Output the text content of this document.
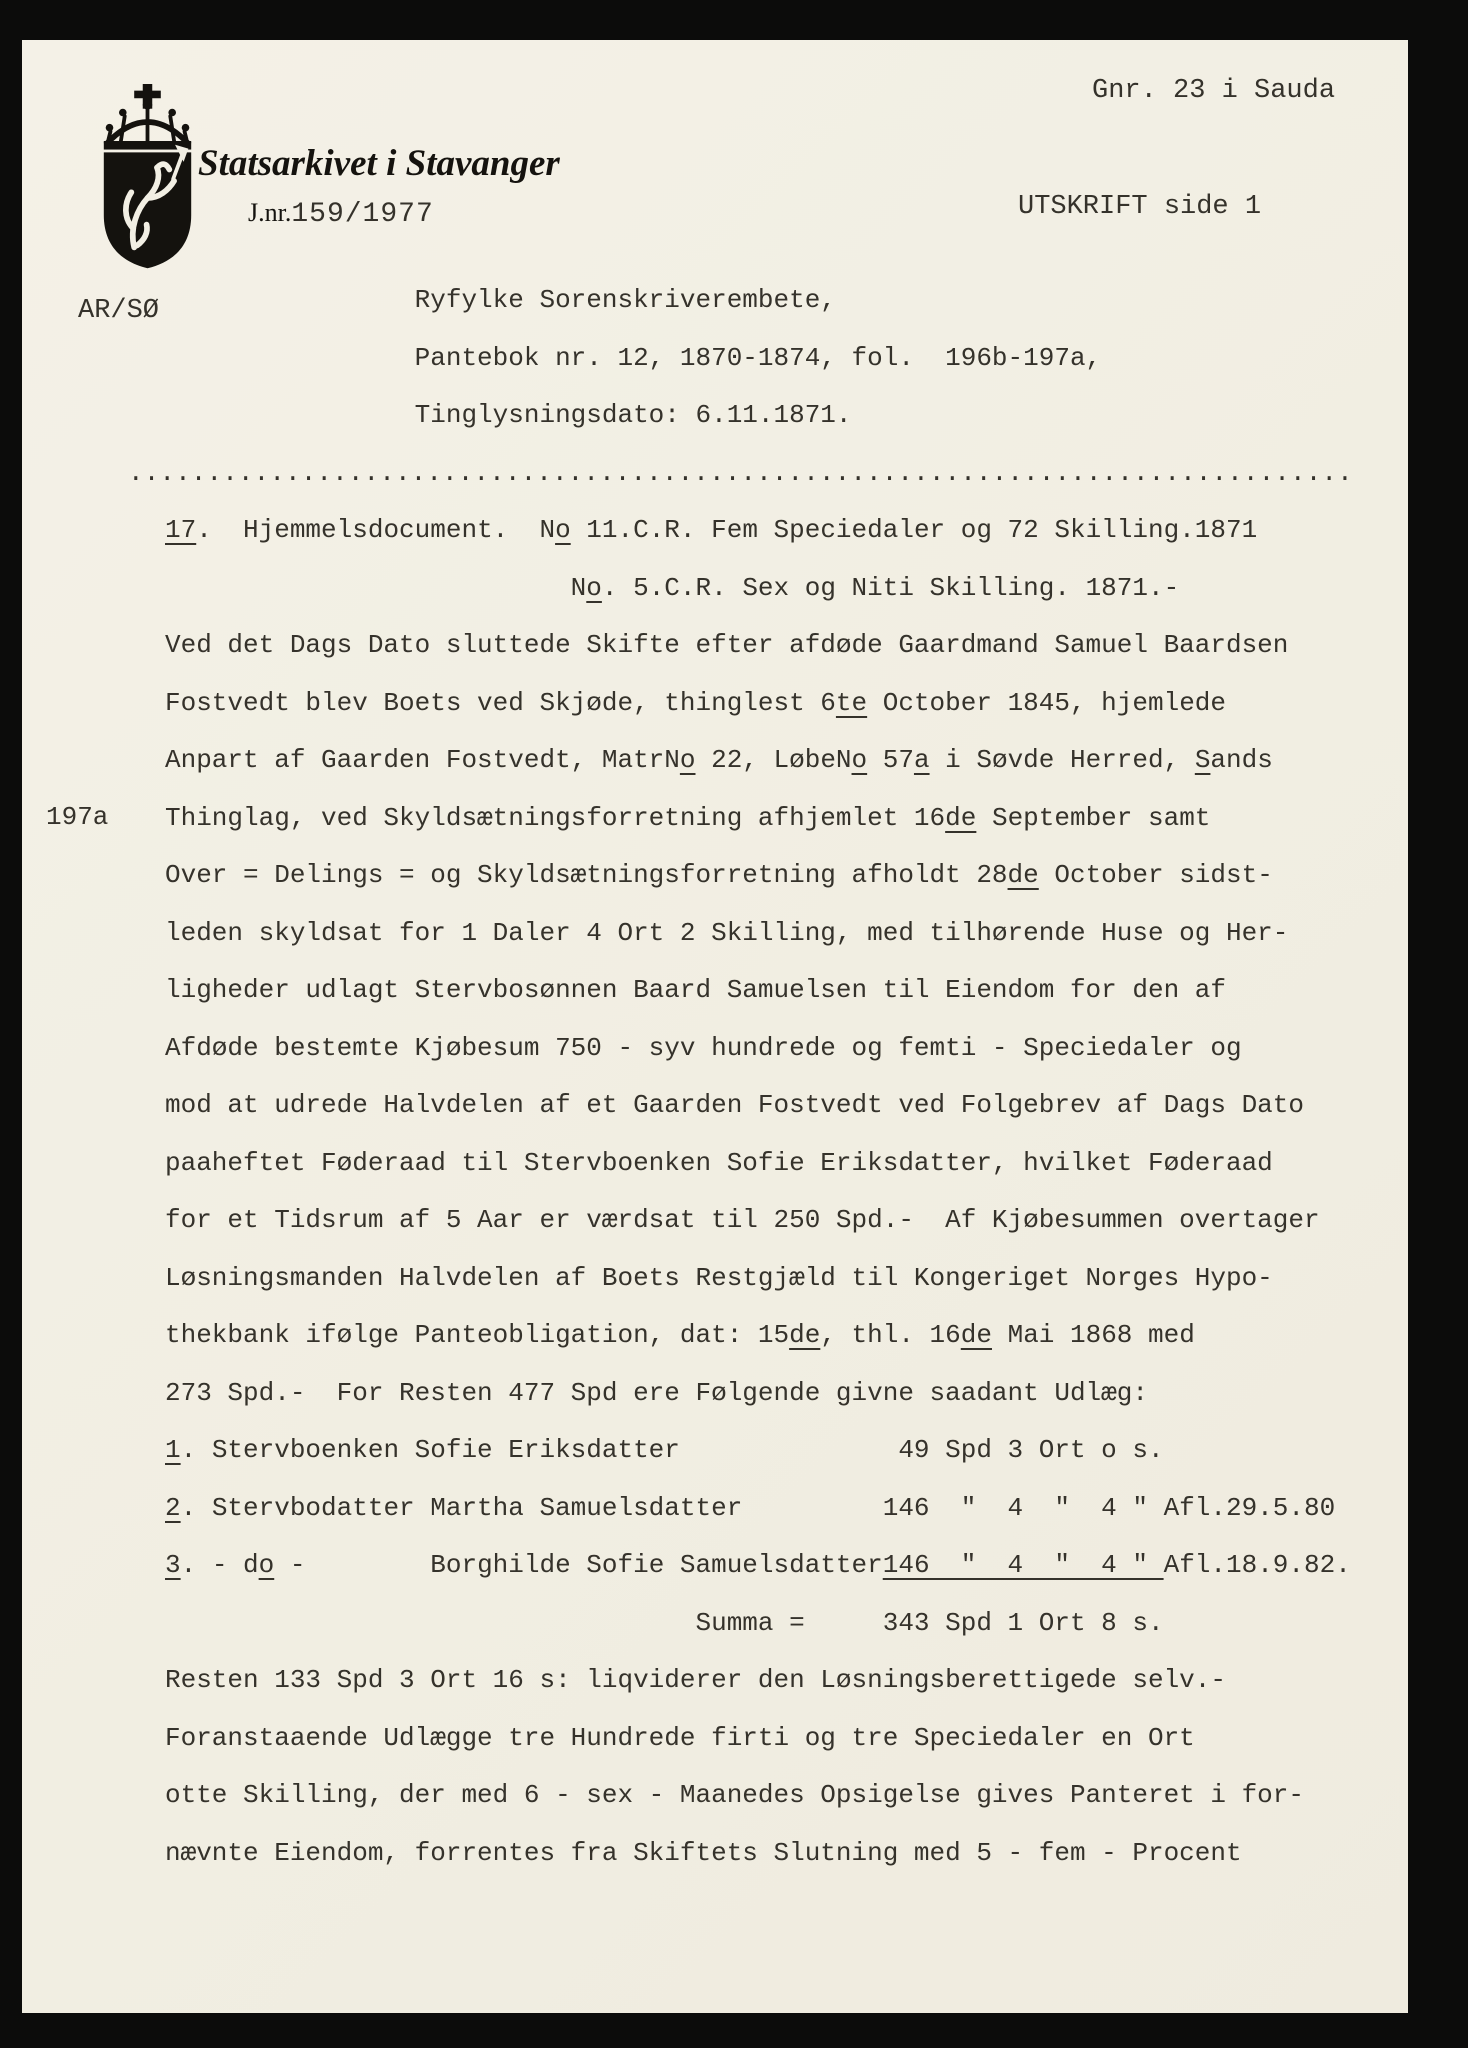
Gnr. 23 i Sauda
Statsarkivet i Stavanger
J.nr.159/1977	UTSKRIFT side 1
AR/SØ
197a
Ryfylke Sorenskriverembete,
Pantebok nr. 12, 1870-1874, fol.  196b-197a,
Tinglysningsdato: 6.11.1871.
..............................................................................
17.  Hjemmelsdocument.  No 11.C.R. Fem Speciedaler og 72 Skilling.1871
No. 5.C.R. Sex og Niti Skilling. 1871.-
Ved det Dags Dato sluttede Skifte efter afdøde Gaardmand Samuel Baardsen
Fostvedt blev Boets ved Skjøde, thinglest 6te October 1845, hjemlede
Anpart af Gaarden Fostvedt, MatrNo 22, LøbeNo 57a i Søvde Herred, Sands
Thinglag, ved Skyldsætningsforretning afhjemlet 16de September samt
Over = Delings = og Skyldsætningsforretning afholdt 28de October sidst-
leden skyldsat for 1 Daler 4 Ort 2 Skilling, med tilhørende Huse og Her-
ligheder udlagt Stervbosønnen Baard Samuelsen til Eiendom for den af
Afdøde bestemte Kjøbesum 750 - syv hundrede og femti - Speciedaler og
mod at udrede Halvdelen af et Gaarden Fostvedt ved Folgebrev af Dags Dato
paaheftet Føderaad til Stervboenken Sofie Eriksdatter, hvilket Føderaad
for et Tidsrum af 5 Aar er værdsat til 250 Spd.-  Af Kjøbesummen overtager
Løsningsmanden Halvdelen af Boets Restgjæld til Kongeriget Norges Hypo-
thekbank ifølge Panteobligation, dat: 15de, thl. 16de Mai 1868 med
273 Spd.-  For Resten 477 Spd ere Følgende givne saadant Udlæg:
1. Stervboenken Sofie Eriksdatter              49 Spd 3 Ort o s.
2. Stervbodatter Martha Samuelsdatter         146  "  4  "  4 " Afl.29.5.80
3. - do -        Borghilde Sofie Samuelsdatter146  "  4  "  4 " Afl.18.9.82.
Summa =     343 Spd 1 Ort 8 s.
Resten 133 Spd 3 Ort 16 s: liqviderer den Løsningsberettigede selv.-
Foranstaaende Udlægge tre Hundrede firti og tre Speciedaler en Ort
otte Skilling, der med 6 - sex - Maanedes Opsigelse gives Panteret i for-
nævnte Eiendom, forrentes fra Skiftets Slutning med 5 - fem - Procent
